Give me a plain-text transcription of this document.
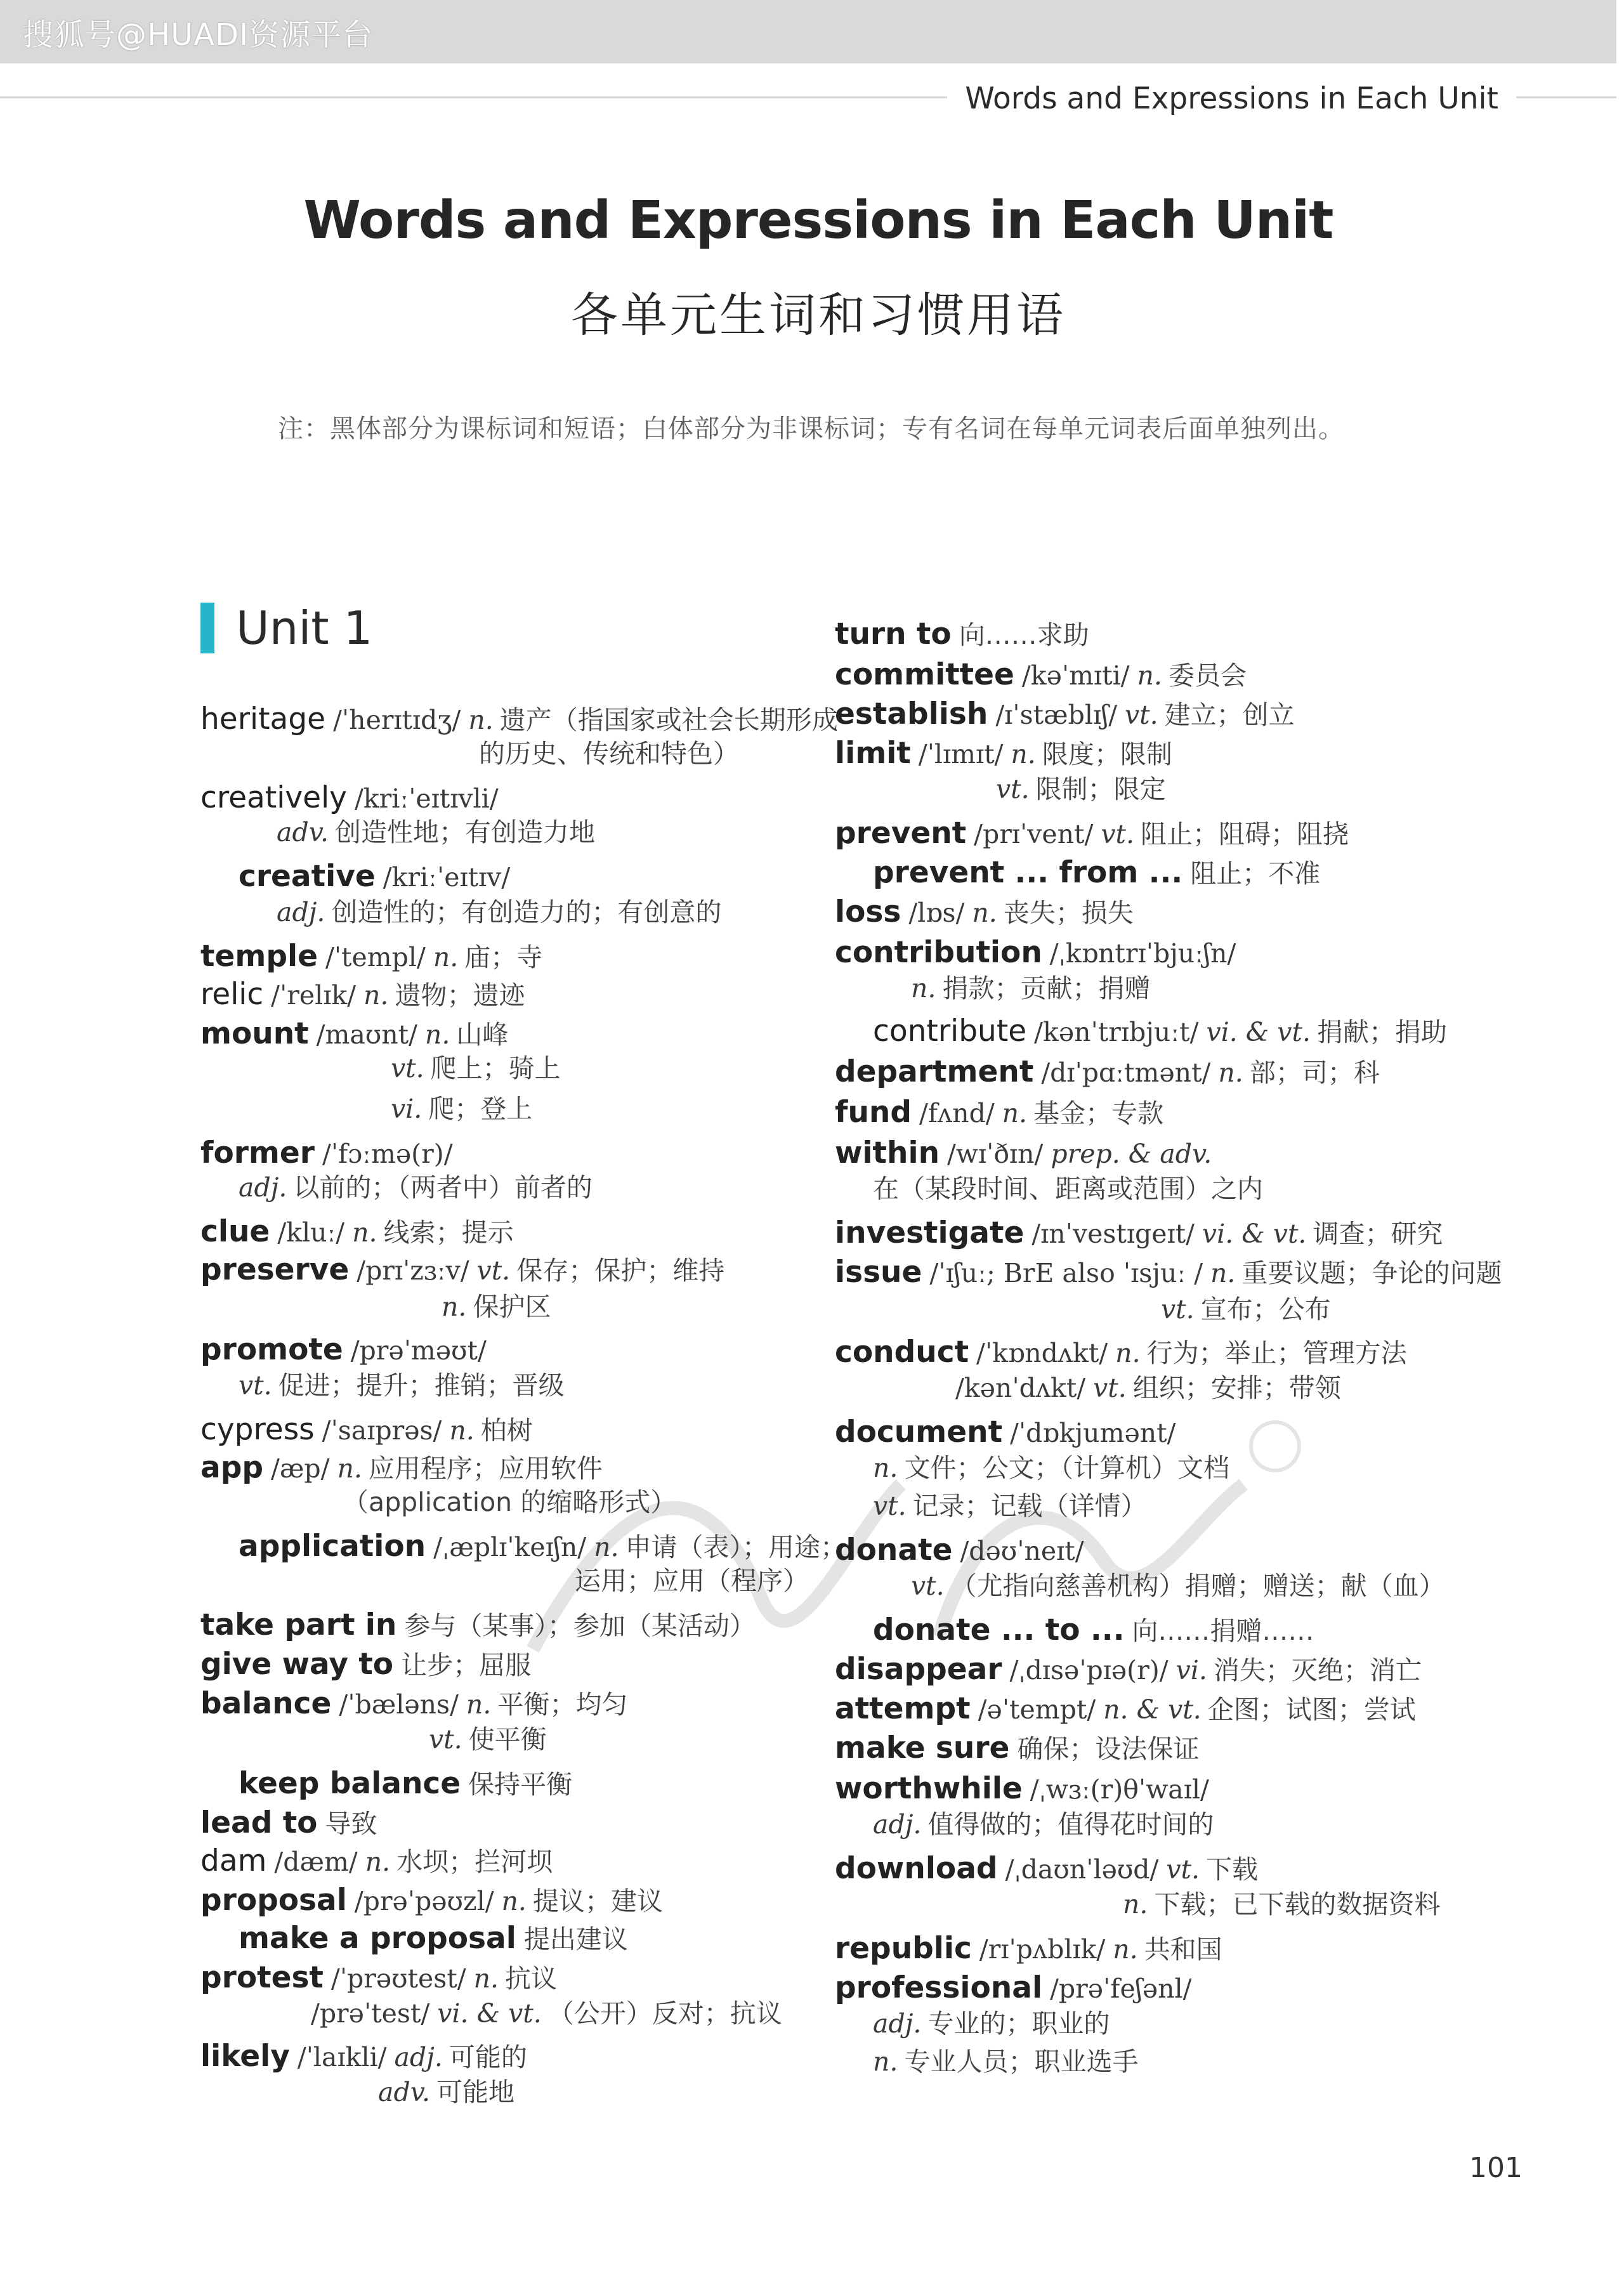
搜狐号@HUADI资源平台
Words and Expressions in Each Unit
Words and Expressions in Each Unit
各单元生词和习惯用语
注：黑体部分为课标词和短语；白体部分为非课标词；专有名词在每单元词表后面单独列出。
Unit 1
heritage /ˈherɪtɪdʒ/ n. 遗产（指国家或社会长期形成
的历史、传统和特色）
creatively /kriːˈeɪtɪvli/
adv. 创造性地；有创造力地
creative /kriːˈeɪtɪv/
adj. 创造性的；有创造力的；有创意的
temple /ˈtempl/ n. 庙；寺
relic /ˈrelɪk/ n. 遗物；遗迹
mount /maʊnt/ n. 山峰
vt. 爬上；骑上
vi. 爬；登上
former /ˈfɔːmə(r)/
adj. 以前的；（两者中）前者的
clue /kluː/ n. 线索；提示
preserve /prɪˈzɜːv/ vt. 保存；保护；维持
n. 保护区
promote /prəˈməʊt/
vt. 促进；提升；推销；晋级
cypress /ˈsaɪprəs/ n. 柏树
app /æp/ n. 应用程序；应用软件
（application 的缩略形式）
application /ˌæplɪˈkeɪʃn/ n. 申请（表）；用途；
运用；应用（程序）
take part in 参与（某事）；参加（某活动）
give way to 让步；屈服
balance /ˈbæləns/ n. 平衡；均匀
vt. 使平衡
keep balance 保持平衡
lead to 导致
dam /dæm/ n. 水坝；拦河坝
proposal /prəˈpəʊzl/ n. 提议；建议
make a proposal 提出建议
protest /ˈprəʊtest/ n. 抗议
/prəˈtest/ vi. & vt. （公开）反对；抗议
likely /ˈlaɪkli/ adj. 可能的
adv. 可能地
turn to 向……求助
committee /kəˈmɪti/ n. 委员会
establish /ɪˈstæblɪʃ/ vt. 建立；创立
limit /ˈlɪmɪt/ n. 限度；限制
vt. 限制；限定
prevent /prɪˈvent/ vt. 阻止；阻碍；阻挠
prevent ... from ... 阻止；不准
loss /lɒs/ n. 丧失；损失
contribution /ˌkɒntrɪˈbjuːʃn/
n. 捐款；贡献；捐赠
contribute /kənˈtrɪbjuːt/ vi. & vt. 捐献；捐助
department /dɪˈpɑːtmənt/ n. 部；司；科
fund /fʌnd/ n. 基金；专款
within /wɪˈðɪn/ prep. & adv.
在（某段时间、距离或范围）之内
investigate /ɪnˈvestɪgeɪt/ vi. & vt. 调查；研究
issue /ˈɪʃuː; BrE also ˈɪsjuː / n. 重要议题；争论的问题
vt. 宣布；公布
conduct /ˈkɒndʌkt/ n. 行为；举止；管理方法
/kənˈdʌkt/ vt. 组织；安排；带领
document /ˈdɒkjumənt/
n. 文件；公文；（计算机）文档
vt. 记录；记载（详情）
donate /dəʊˈneɪt/
vt. （尤指向慈善机构）捐赠；赠送；献（血）
donate ... to ... 向……捐赠……
disappear /ˌdɪsəˈpɪə(r)/ vi. 消失；灭绝；消亡
attempt /əˈtempt/ n. & vt. 企图；试图；尝试
make sure 确保；设法保证
worthwhile /ˌwɜː(r)θˈwaɪl/
adj. 值得做的；值得花时间的
download /ˌdaʊnˈləʊd/ vt. 下载
n. 下载；已下载的数据资料
republic /rɪˈpʌblɪk/ n. 共和国
professional /prəˈfeʃənl/
adj. 专业的；职业的
n. 专业人员；职业选手
101
